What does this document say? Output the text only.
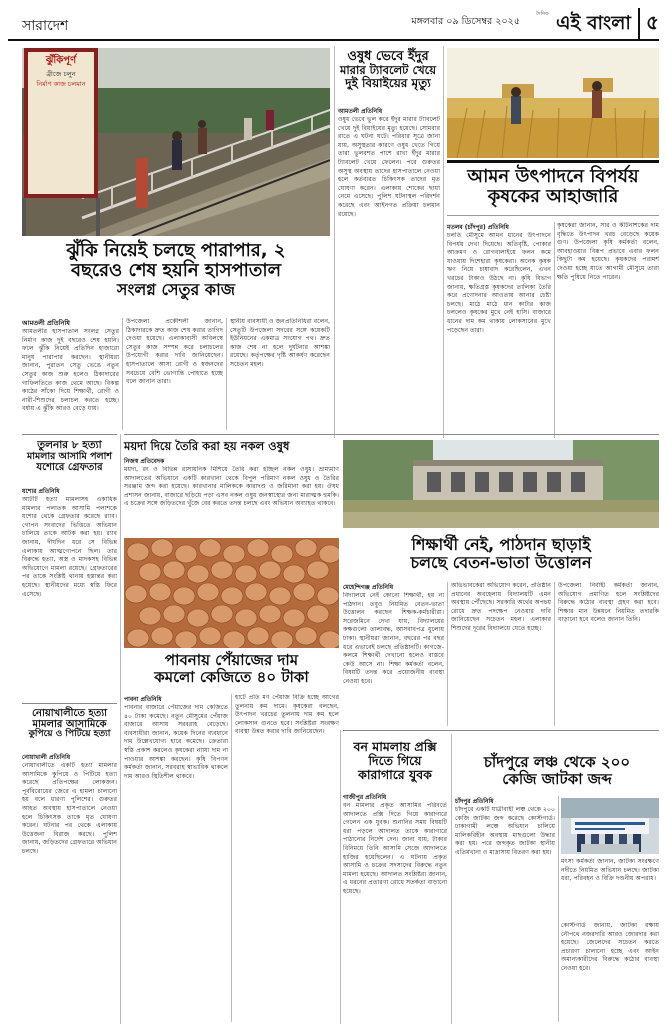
সারাদেশ	মঙ্গলবার ০৯ ডিসেম্বর ২০২৫
দৈনিক এই বাংলা ৫
ঝুঁকিপূর্ণ
ব্রীজে চলুন
নির্মাণ কাজ চলমান
ঝুঁকি নিয়েই চলছে পারাপার, ২
বছরেও শেষ হয়নি হাসপাতাল
সংলগ্ন সেতুর কাজ
আমতলী প্রতিনিধি
আমতলীর হাসপাতাল সংলগ্ন সেতুর নির্মাণ কাজ দুই বছরেও শেষ হয়নি। ফলে ঝুঁকি নিয়েই প্রতিদিন হাজারো মানুষ পারাপার করছেন। স্থানীয়রা জানান, পুরাতন সেতু ভেঙে নতুন সেতুর কাজ শুরু হলেও ঠিকাদারের গাফিলতিতে কাজ থেমে আছে। বিকল্প কাঠের সাঁকো দিয়ে শিক্ষার্থী, রোগী ও নারী-শিশুদের চলাচল করতে হচ্ছে। বর্ষায় এ ঝুঁকি আরও বেড়ে যায়।
উপজেলা প্রকৌশলী জানান, ঠিকাদারকে দ্রুত কাজ শেষ করার তাগিদ দেওয়া হয়েছে। এলাকাবাসী অবিলম্বে সেতুর কাজ সম্পন্ন করে চলাচলের উপযোগী করার দাবি জানিয়েছেন। হাসপাতালে আসা রোগী ও স্বজনদের সবচেয়ে বেশি ভোগান্তি পোহাতে হচ্ছে বলে জানান তারা।
স্থানীয় ব্যবসায়ী ও জনপ্রতিনিধিরা বলেন, সেতুটি উপজেলা সদরের সঙ্গে কয়েকটি ইউনিয়নের একমাত্র সংযোগ পথ। দ্রুত কাজ শেষ না হলে দুর্ঘটনার আশঙ্কা রয়েছে। কর্তৃপক্ষের দৃষ্টি আকর্ষণ করেছেন সচেতন মহল।
ওষুধ ভেবে ইঁদুর
মারার ট্যাবলেট খেয়ে
দুই বিয়াইয়ের মৃত্যু
আমতলী প্রতিনিধি
ওষুধ ভেবে ভুল করে ইঁদুর মারার ট্যাবলেট খেয়ে দুই বিয়াইয়ের মৃত্যু হয়েছে। সোমবার রাতে এ ঘটনা ঘটে। পরিবার সূত্রে জানা যায়, অসুস্থতার কারণে ওষুধ খেতে গিয়ে তারা ভুলবশত পাশে রাখা ইঁদুর মারার ট্যাবলেট খেয়ে ফেলেন। পরে গুরুতর অসুস্থ অবস্থায় তাদের হাসপাতালে নেওয়া হলে কর্তব্যরত চিকিৎসক তাদের মৃত ঘোষণা করেন। এলাকায় শোকের ছায়া নেমে এসেছে। পুলিশ ঘটনাস্থল পরিদর্শন করেছে এবং আইনগত প্রক্রিয়া চলমান রয়েছে।
আমন উৎপাদনে বিপর্যয়
কৃষকের আহাজারি
মতলব (চাঁদপুর) প্রতিনিধি
চলতি মৌসুমে আমন ধানের উৎপাদনে বিপর্যয় দেখা দিয়েছে। অতিবৃষ্টি, পোকার আক্রমণ ও রোগবালাইয়ে ফলন কমে যাওয়ায় দিশেহারা কৃষকেরা। অনেক কৃষক ঋণ নিয়ে চাষাবাদ করেছিলেন, এখন খরচের টাকাও উঠছে না। কৃষি বিভাগ জানায়, ক্ষতিগ্রস্ত কৃষকদের তালিকা তৈরি করে প্রণোদনার আওতায় আনার চেষ্টা চলছে। মাঠে মাঠে ধান কাটার কাজ চললেও কৃষকের মুখে নেই হাসি। বাজারে ধানের দাম কম থাকায় লোকসানের মুখে পড়েছেন তারা।
কৃষকেরা জানান, সার ও কীটনাশকের দাম বৃদ্ধিতে উৎপাদন খরচ বেড়েছে কয়েক গুণ। উপজেলা কৃষি কর্মকর্তা বলেন, আবহাওয়ার বিরূপ প্রভাবে এবার ফলন কিছুটা কম হয়েছে। কৃষকদের পরামর্শ দেওয়া হচ্ছে যাতে আগামী মৌসুমে তারা ক্ষতি পুষিয়ে নিতে পারেন।
তুলনার ৮ হত্যা
মামলার আসামি পলাশ
যশোরে গ্রেফতার
যশোর প্রতিনিধি
আটটি হত্যা মামলাসহ একাধিক মামলার পলাতক আসামি পলাশকে যশোর থেকে গ্রেফতার করেছে র‍্যাব। গোপন সংবাদের ভিত্তিতে অভিযান চালিয়ে তাকে আটক করা হয়। র‍্যাব জানায়, দীর্ঘদিন ধরে সে বিভিন্ন এলাকায় আত্মগোপনে ছিল। তার বিরুদ্ধে হত্যা, অস্ত্র ও মাদকসহ বিভিন্ন অভিযোগে মামলা রয়েছে। গ্রেফতারের পর তাকে সংশ্লিষ্ট থানায় হস্তান্তর করা হয়েছে। স্থানীয়দের মধ্যে স্বস্তি ফিরে এসেছে।
ময়দা দিয়ে তৈরি করা হয় নকল ওষুধ
নিজস্ব প্রতিবেদক
ময়দা, রং ও বিভিন্ন রাসায়নিক মিশিয়ে তৈরি করা হচ্ছিল নকল ওষুধ। ভ্রাম্যমাণ আদালতের অভিযানে একটি কারখানা থেকে বিপুল পরিমাণ নকল ওষুধ ও তৈরির সরঞ্জাম জব্দ করা হয়েছে। কারখানার মালিককে কারাদণ্ড ও জরিমানা করা হয়। ঔষধ প্রশাসন জানায়, বাজারে ছড়িয়ে পড়া এসব নকল ওষুধ জনস্বাস্থ্যের জন্য মারাত্মক হুমকি। এ চক্রের সঙ্গে জড়িতদের খুঁজে বের করতে তদন্ত চলছে এবং অভিযান অব্যাহত থাকবে।
শিক্ষার্থী নেই, পাঠদান ছাড়াই
চলছে বেতন-ভাতা উত্তোলন
মেহেন্দিগঞ্জ প্রতিনিধি
বিদ্যালয়ে নেই কোনো শিক্ষার্থী, হয় না পাঠদান। তবুও নিয়মিত বেতন-ভাতা উত্তোলন করছেন শিক্ষক-কর্মচারীরা। সরেজমিনে দেখা যায়, বিদ্যালয়ের কক্ষগুলো তালাবদ্ধ, আসবাবপত্র ধুলোয় ঢাকা। স্থানীয়রা জানান, বছরের পর বছর ধরে এভাবেই চলছে প্রতিষ্ঠানটি। কাগজে-কলমে শিক্ষার্থী দেখানো হলেও বাস্তবে কেউ আসে না। শিক্ষা কর্মকর্তা বলেন, বিষয়টি তদন্ত করে প্রয়োজনীয় ব্যবস্থা নেওয়া হবে।
অভিভাবকেরা অভিযোগ করেন, প্রতিষ্ঠান প্রধানের অবহেলায় বিদ্যালয়টি এমন অবস্থায় পৌঁছেছে। সরকারি অর্থের অপচয় রোধে দ্রুত পদক্ষেপ নেওয়ার দাবি জানিয়েছেন সচেতন মহল। এলাকার শিশুদের দূরের বিদ্যালয়ে যেতে হচ্ছে।
উপজেলা নির্বাহী কর্মকর্তা জানান, অভিযোগ প্রমাণিত হলে সংশ্লিষ্টদের বিরুদ্ধে কঠোর ব্যবস্থা গ্রহণ করা হবে। শিক্ষার মান উন্নয়নে নিয়মিত তদারকি বাড়ানো হবে বলেও জানান তিনি।
পাবনায় পেঁয়াজের দাম
কমলো কেজিতে ৪০ টাকা
পাবনা প্রতিনিধি
পাবনার বাজারে পেঁয়াজের দাম কেজিতে ৪০ টাকা কমেছে। নতুন মৌসুমের পেঁয়াজ বাজারে আসায় সরবরাহ বেড়েছে। ব্যবসায়ীরা জানান, কয়েক দিনের ব্যবধানে দাম উল্লেখযোগ্য হারে কমেছে। ক্রেতারা স্বস্তি প্রকাশ করলেও কৃষকেরা ন্যায্য দাম না পাওয়ার আশঙ্কা করছেন। কৃষি বিপণন কর্মকর্তা জানান, সরবরাহ স্বাভাবিক থাকলে দাম আরও স্থিতিশীল থাকবে।
হাটে প্রতি মণ পেঁয়াজ বিক্রি হচ্ছে আগের তুলনায় কম দামে। কৃষকেরা বলছেন, উৎপাদন খরচের তুলনায় দাম কম হলে লোকসান গুনতে হবে। সংশ্লিষ্টরা সংরক্ষণ ব্যবস্থা উন্নত করার দাবি জানিয়েছেন।
নোয়াখালীতে হত্যা
মামলার আসামিকে
কুপিয়ে ও পিটিয়ে হত্যা
নোয়াখালী প্রতিনিধি
নোয়াখালীতে একটি হত্যা মামলার আসামিকে কুপিয়ে ও পিটিয়ে হত্যা করেছে প্রতিপক্ষের লোকজন। পূর্ববিরোধের জেরে এ হামলা চালানো হয় বলে ধারণা পুলিশের। গুরুতর আহত অবস্থায় হাসপাতালে নেওয়া হলে চিকিৎসক তাকে মৃত ঘোষণা করেন। ঘটনার পর থেকে এলাকায় উত্তেজনা বিরাজ করছে। পুলিশ জানায়, জড়িতদের গ্রেফতারে অভিযান চলছে।
বন মামলায় প্রক্সি
দিতে গিয়ে
কারাগারে যুবক
গাজীপুর প্রতিনিধি
বন মামলার প্রকৃত আসামির পরিবর্তে আদালতে প্রক্সি দিতে গিয়ে কারাগারে গেলেন এক যুবক। শুনানির সময় বিষয়টি ধরা পড়লে আদালত তাকে কারাগারে পাঠানোর নির্দেশ দেন। জানা যায়, টাকার বিনিময়ে তিনি আসামি সেজে আদালতে হাজির হয়েছিলেন। এ ঘটনায় প্রকৃত আসামি ও চক্রের সদস্যদের বিরুদ্ধে নতুন মামলা হয়েছে। আদালত সংশ্লিষ্টরা জানান, এ ধরনের প্রতারণা রোধে সতর্কতা বাড়ানো হয়েছে।
চাঁদপুরে লঞ্চ থেকে ২০০
কেজি জাটকা জব্দ
চাঁদপুর প্রতিনিধি
চাঁদপুরে একটি যাত্রীবাহী লঞ্চ থেকে ২০০ কেজি জাটকা জব্দ করেছে কোস্টগার্ড। ঢাকাগামী লঞ্চে অভিযান চালিয়ে মালিকবিহীন অবস্থায় মাছগুলো উদ্ধার করা হয়। পরে জব্দকৃত জাটকা স্থানীয় এতিমখানা ও মাদ্রাসায় বিতরণ করা হয়।
মৎস্য কর্মকর্তা জানান, জাটকা সংরক্ষণে নদীতে নিয়মিত অভিযান চলছে। জাটকা ধরা, পরিবহন ও বিক্রি দণ্ডনীয় অপরাধ।
কোস্টগার্ড জানায়, জাটকা রক্ষায় নৌপথে নজরদারি আরও জোরদার করা হয়েছে। জেলেদের সচেতন করতে প্রচারণা চালানো হচ্ছে এবং আইন অমান্যকারীদের বিরুদ্ধে কঠোর ব্যবস্থা নেওয়া হবে।
